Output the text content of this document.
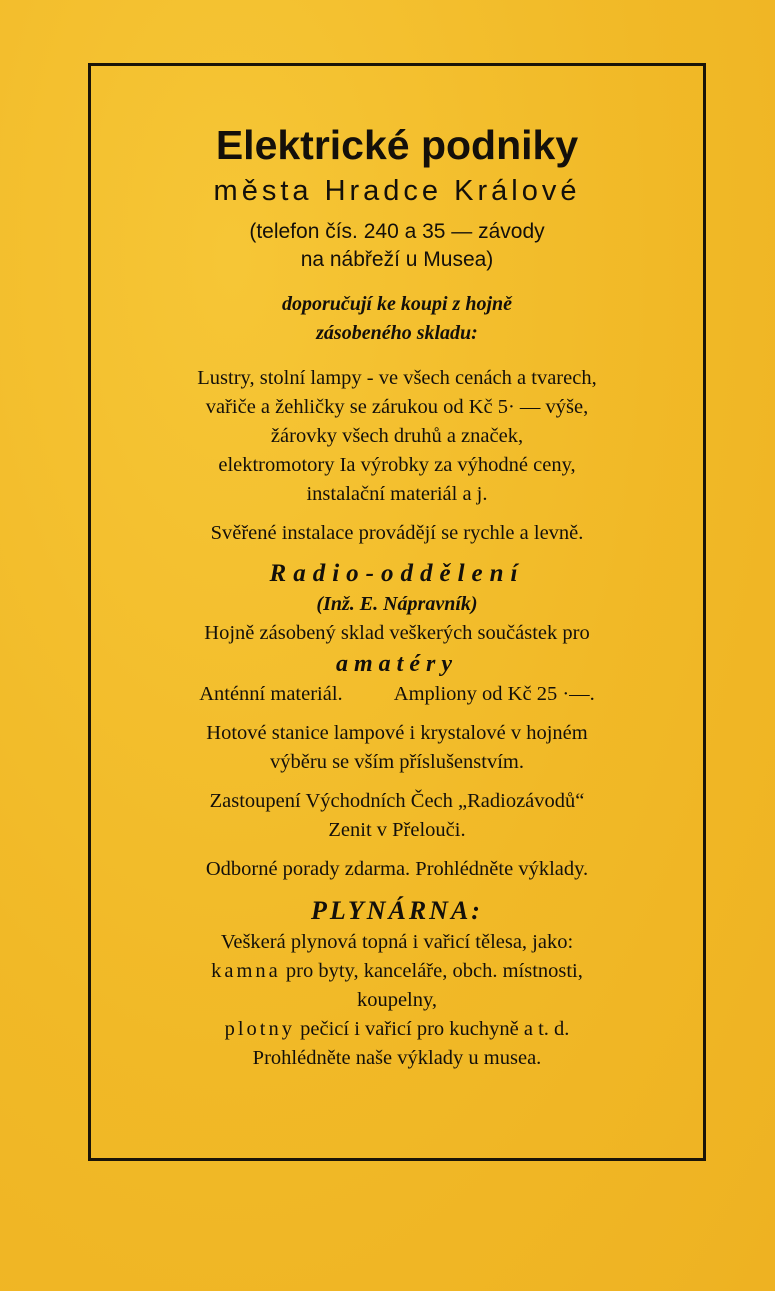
Elektrické podniky

města Hradce Králové

(telefon čís. 240 a 35 — závody
na nábřeží u Musea)

doporučují ke koupi z hojně
zásobeného skladu:

Lustry, stolní lampy - ve všech cenách a tvarech,
vařiče a žehličky se zárukou od Kč 5· — výše,
žárovky všech druhů a značek,
elektromotory Ia výrobky za výhodné ceny,
instalační materiál a j.

Svěřené instalace provádějí se rychle a levně.

Radio-oddělení

(Inž. E. Nápravník)

Hojně zásobený sklad veškerých součástek pro

amatéry

Anténní materiál. Ampliony od Kč 25 ·—.

Hotové stanice lampové i krystalové v hojném
výběru se vším příslušenstvím.

Zastoupení Východních Čech „Radiozávodů“
Zenit v Přelouči.

Odborné porady zdarma. Prohlédněte výklady.

PLYNÁRNA:

Veškerá plynová topná i vařicí tělesa, jako:
kamna pro byty, kanceláře, obch. místnosti,
koupelny,
plotny pečicí i vařicí pro kuchyně a t. d.
Prohlédněte naše výklady u musea.
